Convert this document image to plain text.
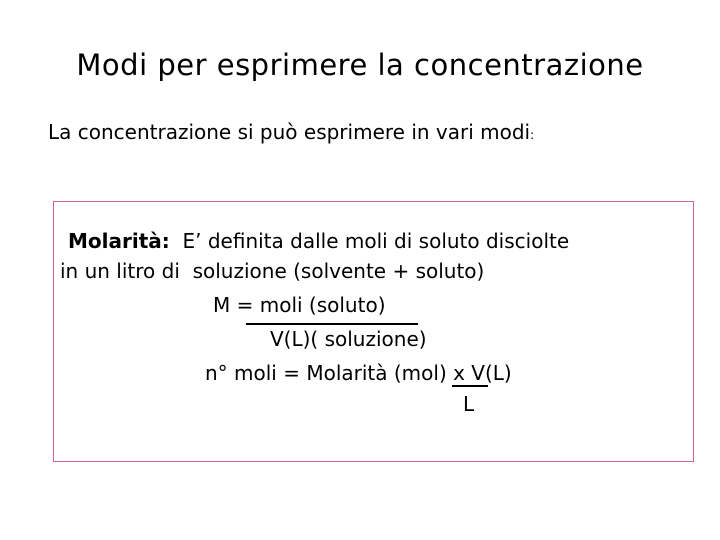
Modi per esprimere la concentrazione
La concentrazione si può esprimere in vari modi:
Molarità:  E’ definita dalle moli di soluto disciolte
in un litro di  soluzione (solvente + soluto)
M = moli (soluto)
V(L)( soluzione)
n° moli = Molarità (mol) x V(L)
L
